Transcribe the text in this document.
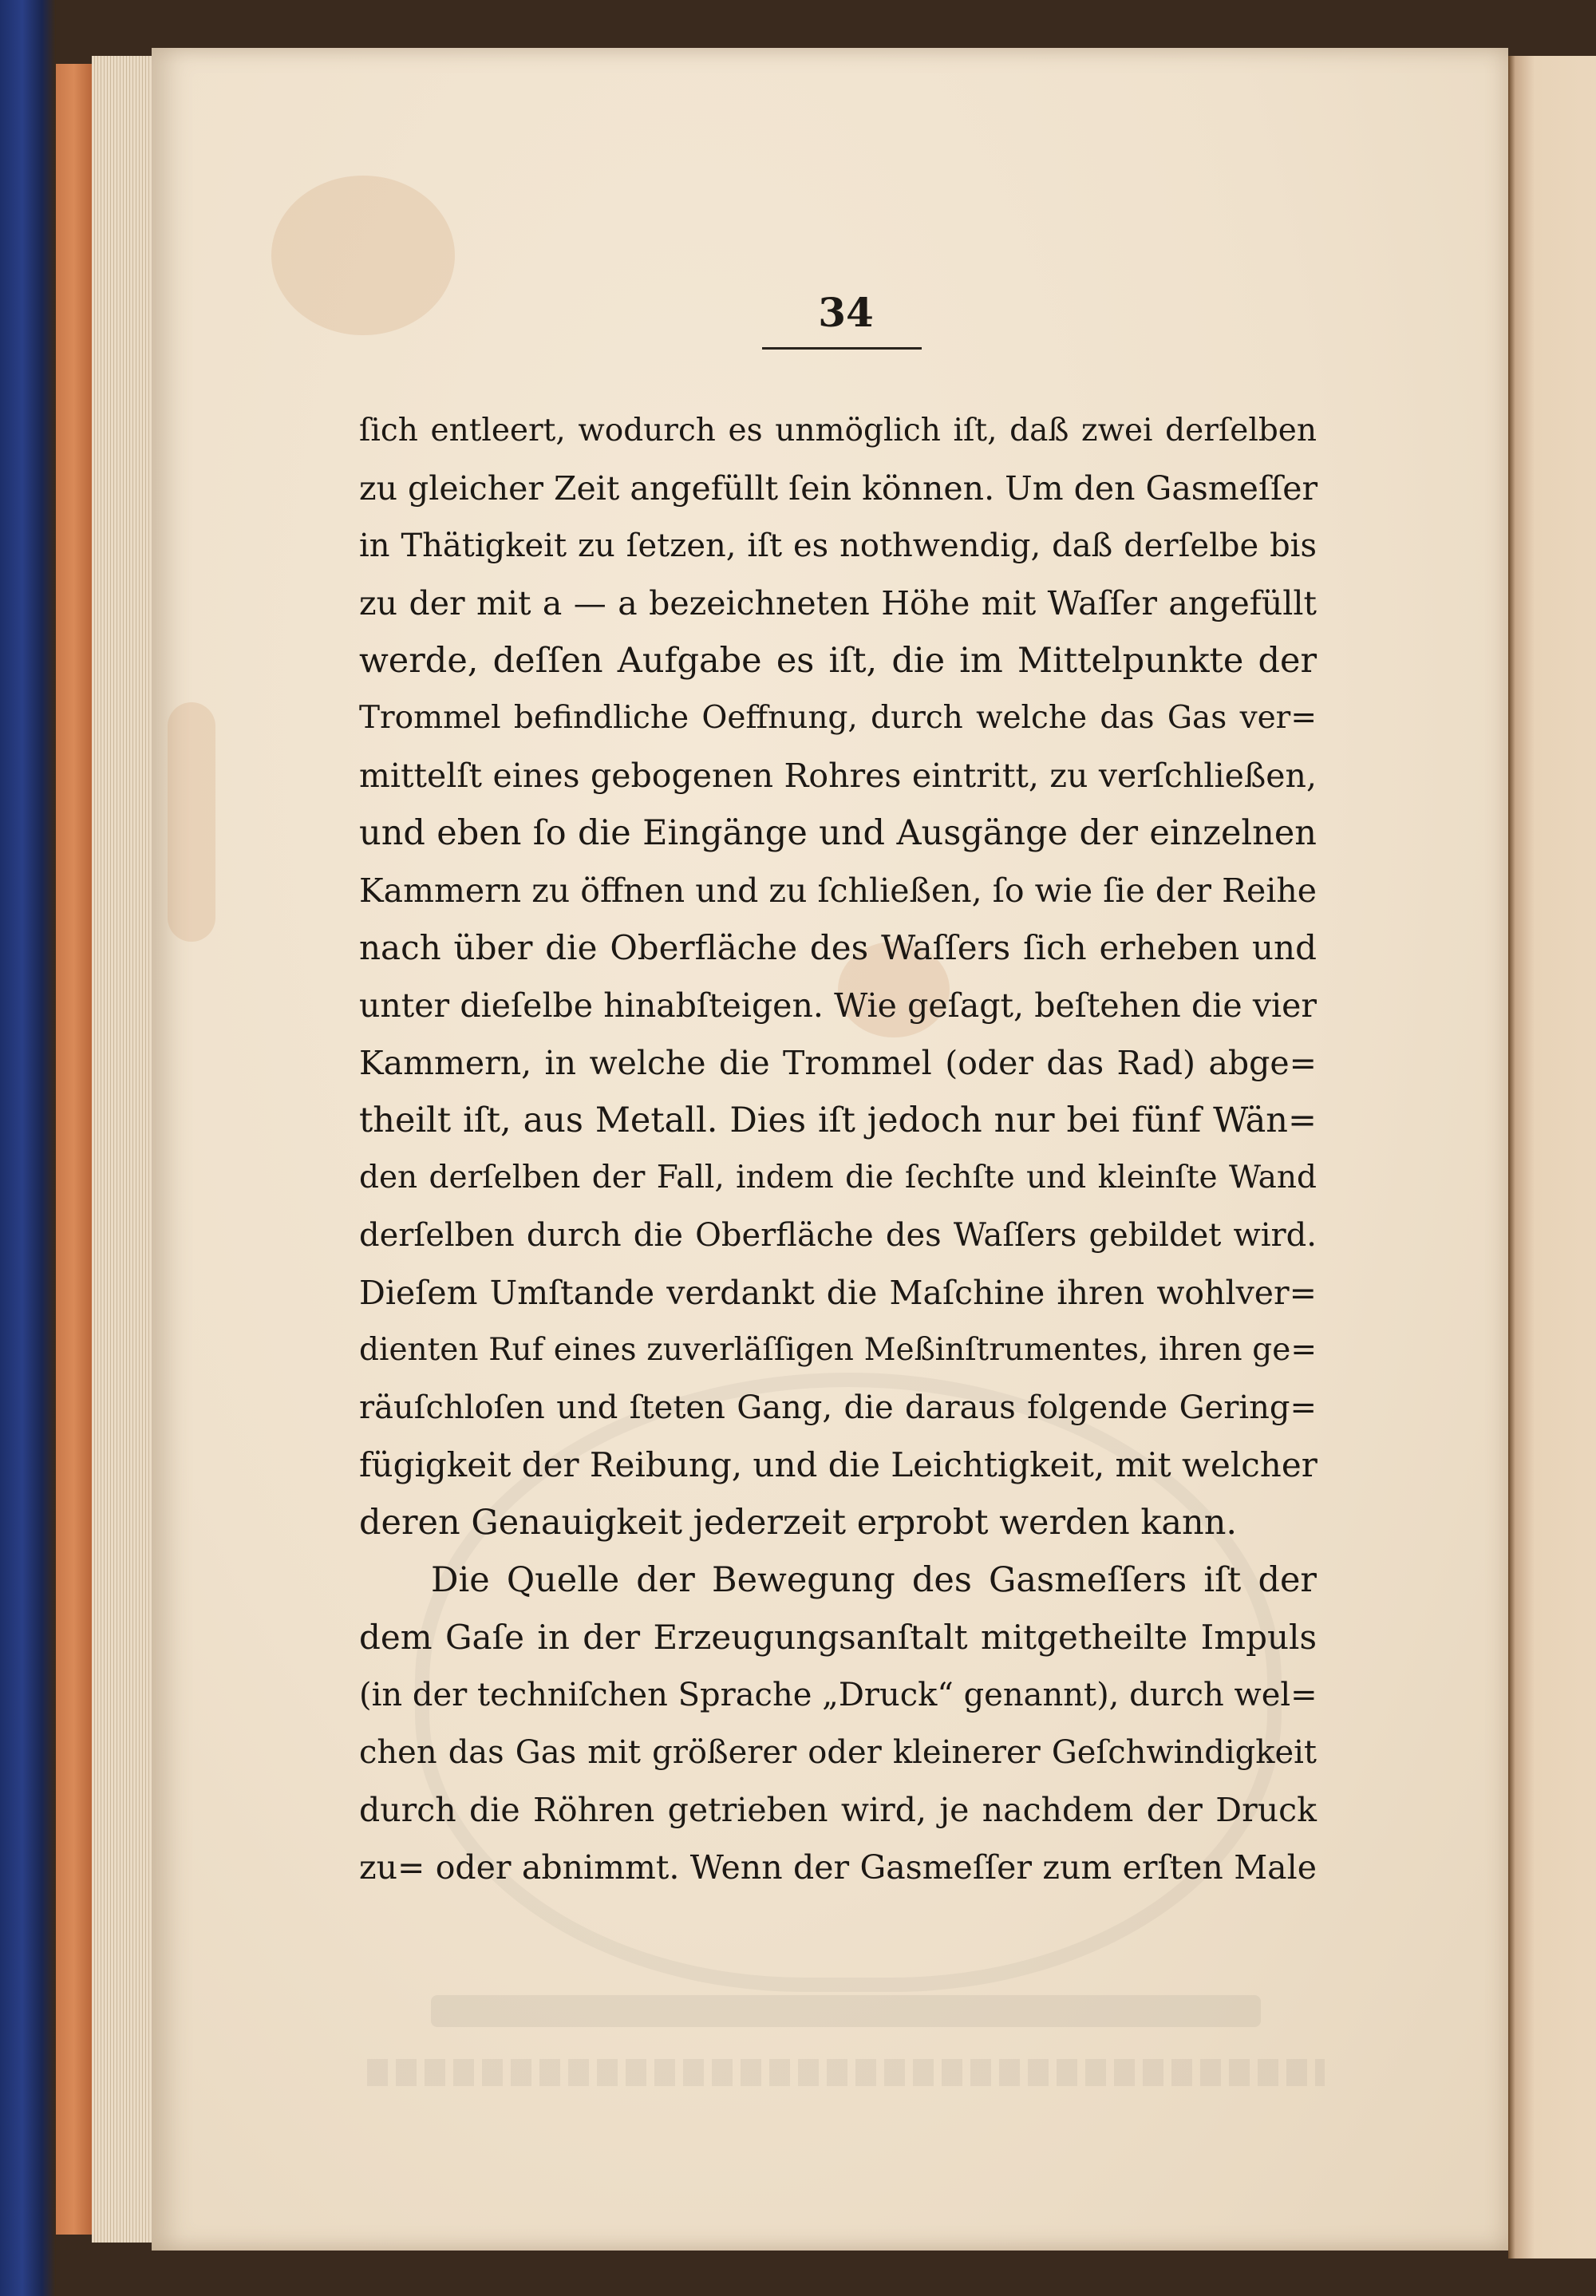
34

ſich entleert, wodurch es unmöglich iſt, daß zwei derſelben
zu gleicher Zeit angefüllt ſein können. Um den Gasmeſſer
in Thätigkeit zu ſetzen, iſt es nothwendig, daß derſelbe bis
zu der mit a — a bezeichneten Höhe mit Waſſer angefüllt
werde, deſſen Aufgabe es iſt, die im Mittelpunkte der
Trommel befindliche Oeffnung, durch welche das Gas ver=
mittelſt eines gebogenen Rohres eintritt, zu verſchließen,
und eben ſo die Eingänge und Ausgänge der einzelnen
Kammern zu öffnen und zu ſchließen, ſo wie ſie der Reihe
nach über die Oberfläche des Waſſers ſich erheben und
unter dieſelbe hinabſteigen. Wie geſagt, beſtehen die vier
Kammern, in welche die Trommel (oder das Rad) abge=
theilt iſt, aus Metall. Dies iſt jedoch nur bei fünf Wän=
den derſelben der Fall, indem die ſechſte und kleinſte Wand
derſelben durch die Oberfläche des Waſſers gebildet wird.
Dieſem Umſtande verdankt die Maſchine ihren wohlver=
dienten Ruf eines zuverläſſigen Meßinſtrumentes, ihren ge=
räuſchloſen und ſteten Gang, die daraus folgende Gering=
fügigkeit der Reibung, und die Leichtigkeit, mit welcher
deren Genauigkeit jederzeit erprobt werden kann.

Die Quelle der Bewegung des Gasmeſſers iſt der
dem Gaſe in der Erzeugungsanſtalt mitgetheilte Impuls
(in der techniſchen Sprache „Druck“ genannt), durch wel=
chen das Gas mit größerer oder kleinerer Geſchwindigkeit
durch die Röhren getrieben wird, je nachdem der Druck
zu= oder abnimmt. Wenn der Gasmeſſer zum erſten Male
